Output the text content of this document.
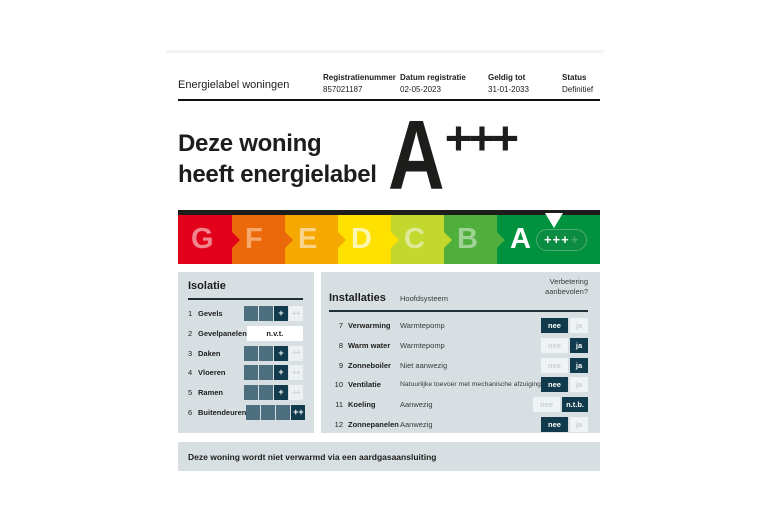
Energielabel woningen
Registratienummer
857021187
Datum registratie
02-05-2023
Geldig tot
31-01-2033
Status
Definitief
Deze woning
heeft energielabel A +++
G F E D C B A +++ +
Isolatie
1 Gevels	+	++
2 Gevelpanelen	n.v.t.
3 Daken	+	++
4 Vloeren	+	++
5 Ramen	+	++
6 Buitendeuren	++
Installaties Hoofdsysteem
Verbetering
aanbevolen?
7 Verwarming Warmtepomp	nee	ja
8 Warm water Warmtepomp	nee	ja
9 Zonneboiler Niet aanwezig	nee	ja
10 Ventilatie	Natuurlijke toevoer met mechanische afzuiging nee	ja
11 Koeling	Aanwezig	nee	n.t.b.
12 Zonnepanelen Aanwezig	nee	ja
Deze woning wordt niet verwarmd via een aardgasaansluiting
